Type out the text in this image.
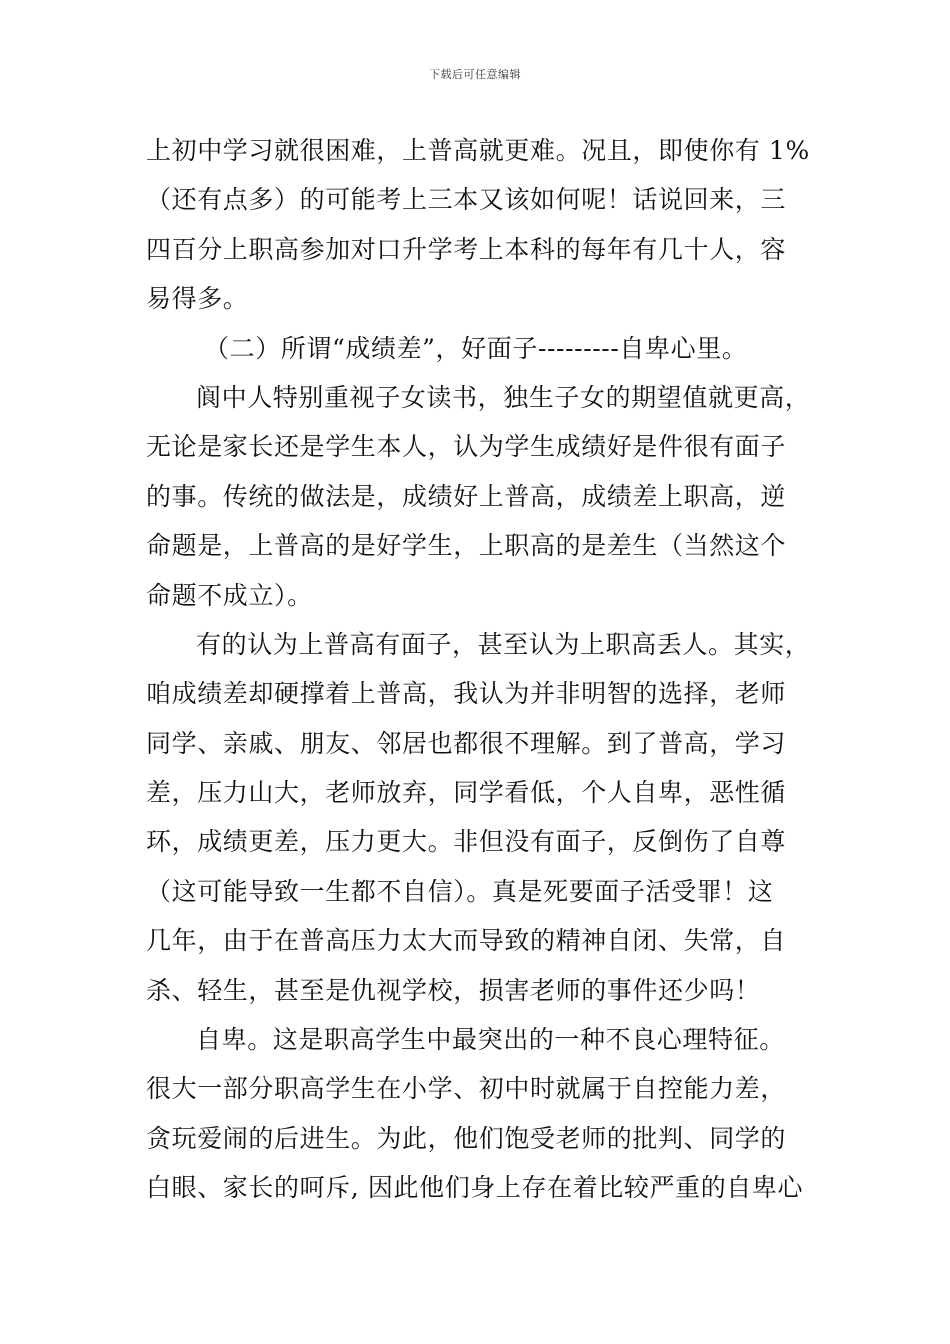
下载后可任意编辑
上初中学习就很困难，上普高就更难。况且，即使你有 1%
（还有点多）的可能考上三本又该如何呢！话说回来，三
四百分上职高参加对口升学考上本科的每年有几十人，容
易得多。
（二）所谓“成绩差”，好面子---------自卑心里。
阆中人特别重视子女读书，独生子女的期望值就更高，
无论是家长还是学生本人，认为学生成绩好是件很有面子
的事。传统的做法是，成绩好上普高，成绩差上职高，逆
命题是，上普高的是好学生，上职高的是差生（当然这个
命题不成立）。
有的认为上普高有面子，甚至认为上职高丢人。其实，
咱成绩差却硬撑着上普高，我认为并非明智的选择，老师
同学、亲戚、朋友、邻居也都很不理解。到了普高，学习
差，压力山大，老师放弃，同学看低，个人自卑，恶性循
环，成绩更差，压力更大。非但没有面子，反倒伤了自尊
（这可能导致一生都不自信）。真是死要面子活受罪！这
几年，由于在普高压力太大而导致的精神自闭、失常，自
杀、轻生，甚至是仇视学校，损害老师的事件还少吗！
自卑。这是职高学生中最突出的一种不良心理特征。
很大一部分职高学生在小学、初中时就属于自控能力差，
贪玩爱闹的后进生。为此，他们饱受老师的批判、同学的
白眼、家长的呵斥, 因此他们身上存在着比较严重的自卑心
